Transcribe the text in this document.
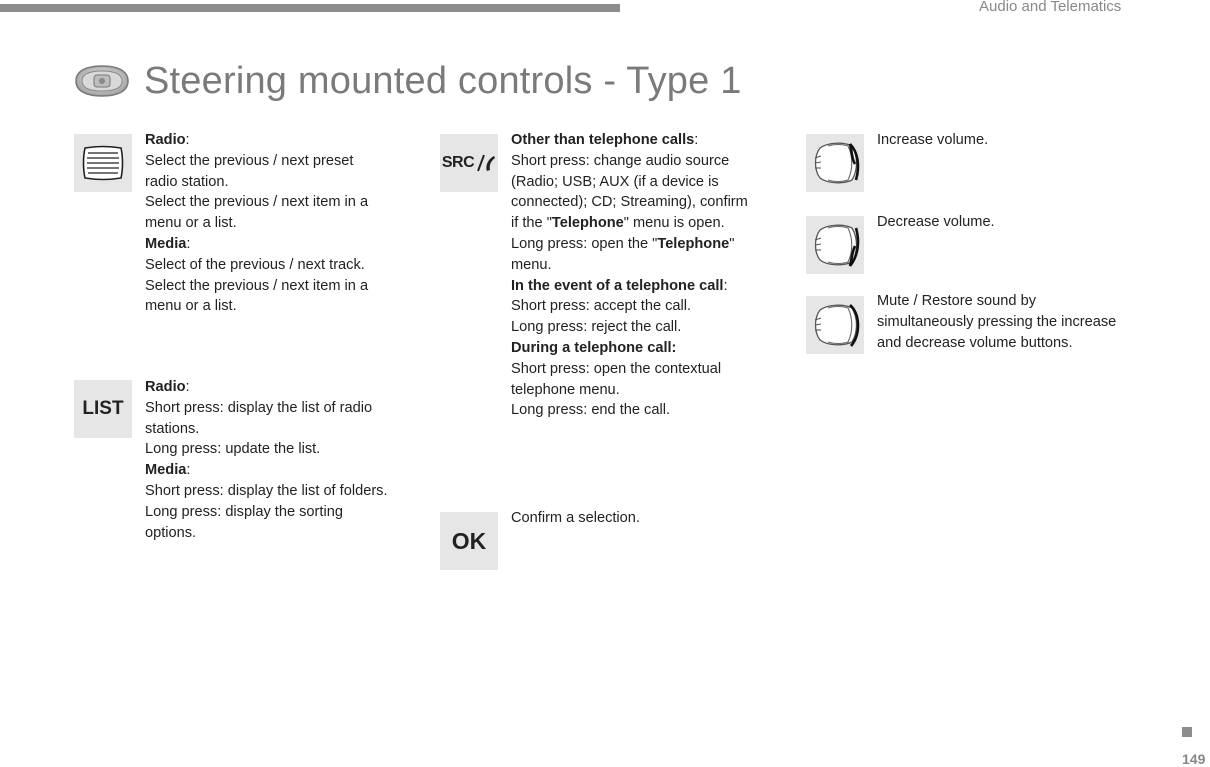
Audio and Telematics
Steering mounted controls - Type 1

Radio:

Select the previous / next preset

radio station.

Select the previous / next item in a

menu or a list.

Media:

Select of the previous / next track.

Select the previous / next item in a

menu or a list.

LIST

Radio:

Short press: display the list of radio

stations.

Long press: update the list.

Media:

Short press: display the list of folders.

Long press: display the sorting

options.

SRC

Other than telephone calls:

Short press: change audio source

(Radio; USB; AUX (if a device is

connected); CD; Streaming), confirm

if the "Telephone" menu is open.

Long press: open the "Telephone"

menu.

In the event of a telephone call:

Short press: accept the call.

Long press: reject the call.

During a telephone call:

Short press: open the contextual

telephone menu.

Long press: end the call.

OK

Confirm a selection.

Increase volume.

Decrease volume.

Mute / Restore sound by

simultaneously pressing the increase

and decrease volume buttons.

149
